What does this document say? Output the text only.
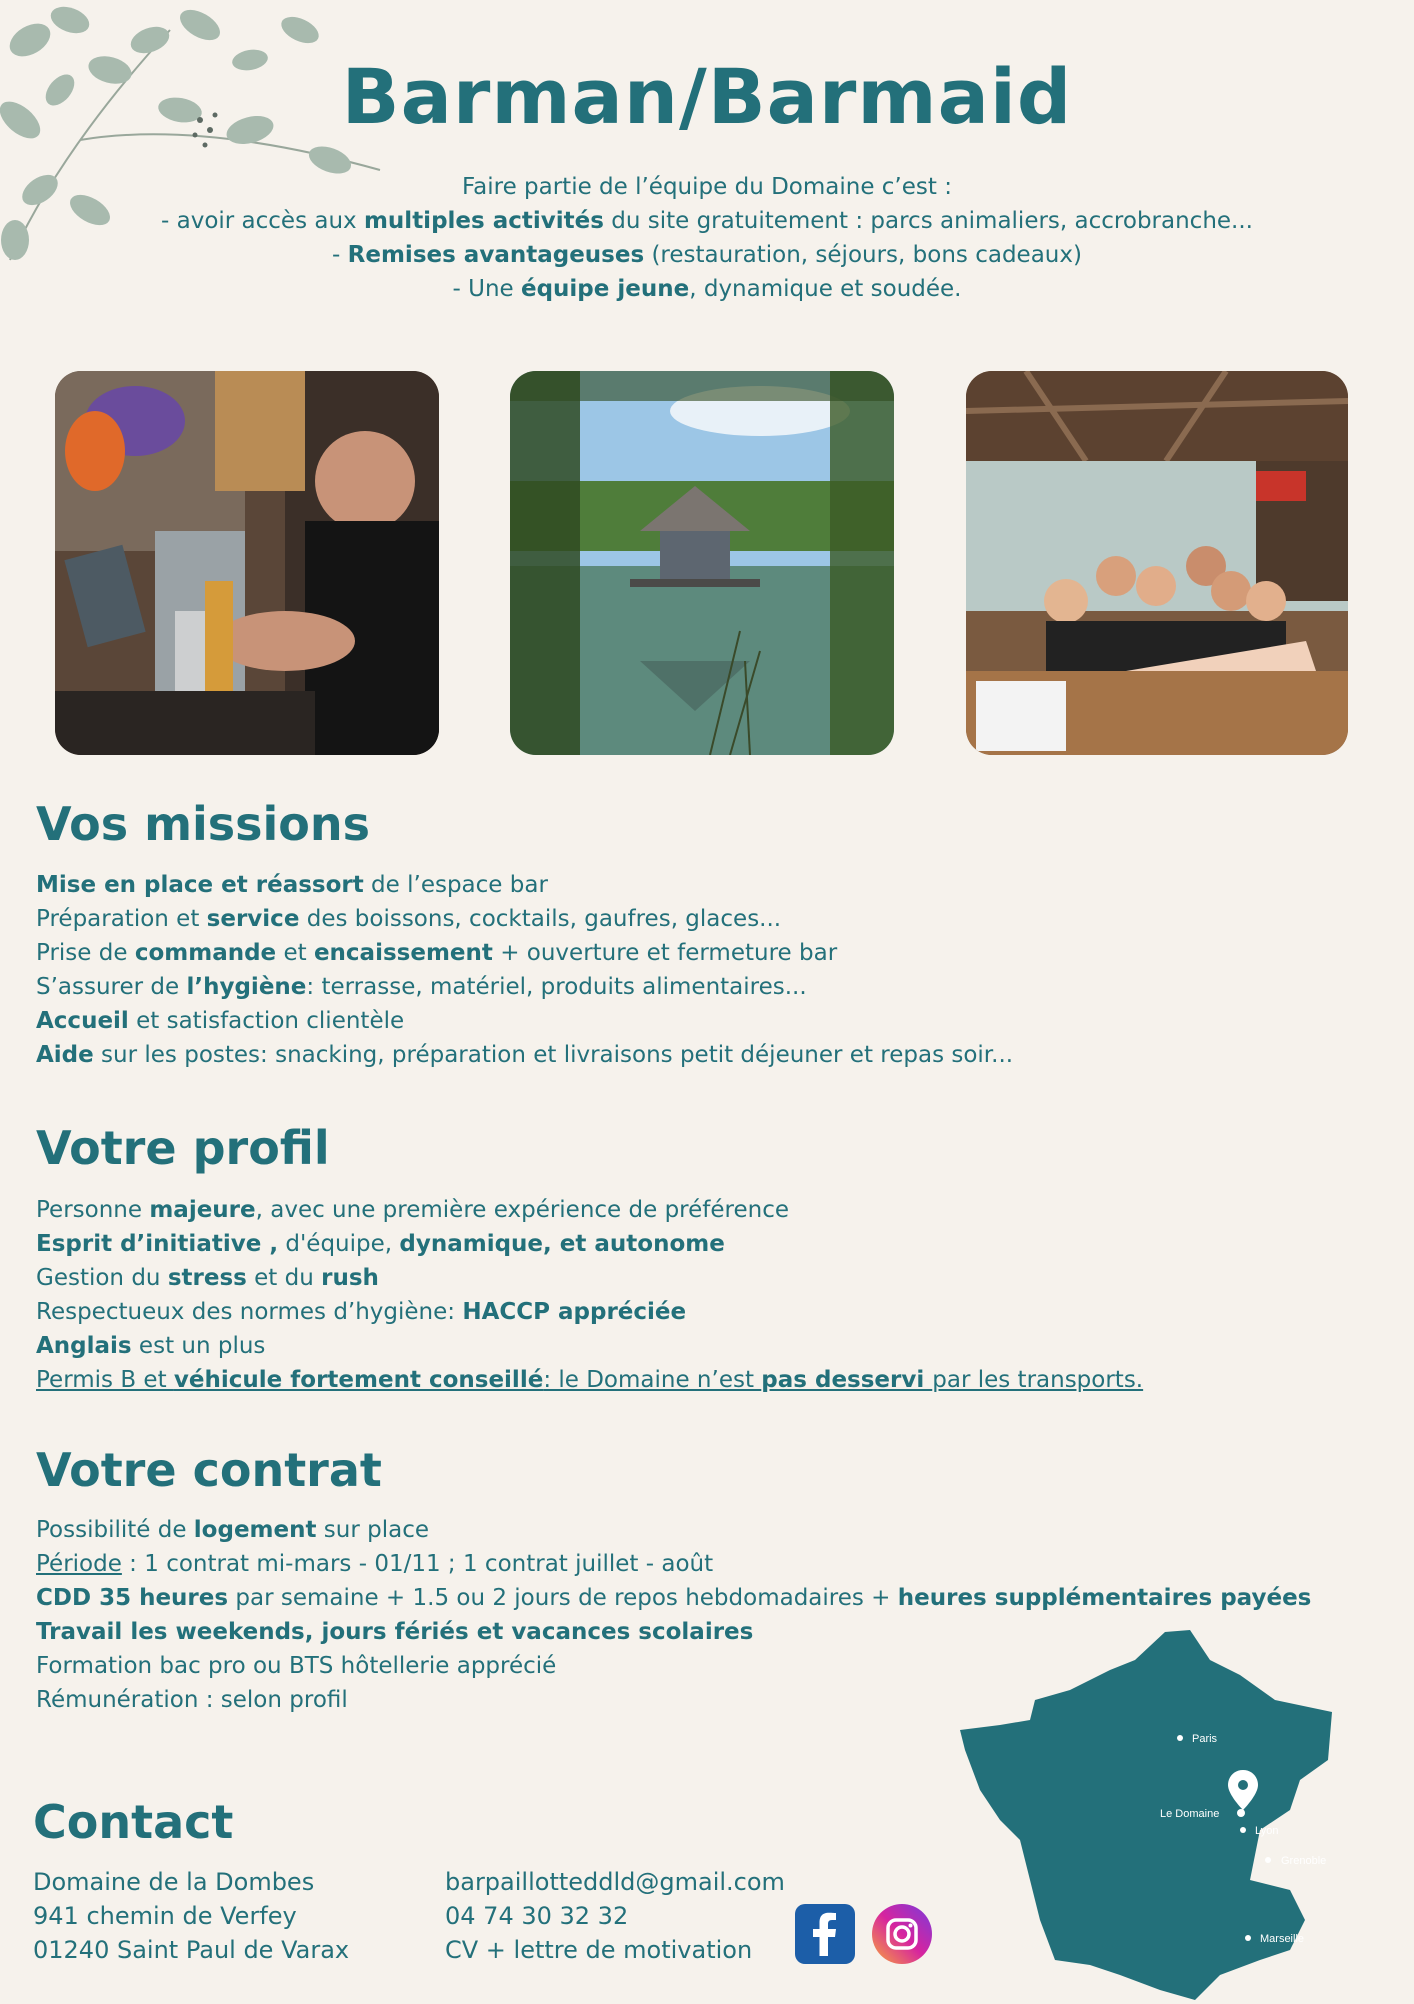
Barman/Barmaid
Faire partie de l’équipe du Domaine c’est :
- avoir accès aux multiples activités du site gratuitement : parcs animaliers, accrobranche...
- Remises avantageuses (restauration, séjours, bons cadeaux)
- Une équipe jeune, dynamique et soudée.
Vos missions
Mise en place et réassort de l’espace bar
Préparation et service des boissons, cocktails, gaufres, glaces...
Prise de commande et encaissement + ouverture et fermeture bar
S’assurer de l’hygiène: terrasse, matériel, produits alimentaires...
Accueil et satisfaction clientèle
Aide sur les postes: snacking, préparation et livraisons petit déjeuner et repas soir...
Votre profil
Personne majeure, avec une première expérience de préférence
Esprit d’initiative , d'équipe, dynamique, et autonome
Gestion du stress et du rush
Respectueux des normes d’hygiène: HACCP appréciée
Anglais est un plus
Permis B et véhicule fortement conseillé: le Domaine n’est pas desservi par les transports.
Votre contrat
Possibilité de logement sur place
Période : 1 contrat mi-mars - 01/11 ; 1 contrat juillet - août
CDD 35 heures par semaine + 1.5 ou 2 jours de repos hebdomadaires + heures supplémentaires payées
Travail les weekends, jours fériés et vacances scolaires
Formation bac pro ou BTS hôtellerie apprécié
Rémunération : selon profil
Contact
Domaine de la Dombes
941 chemin de Verfey
01240 Saint Paul de Varax
barpaillotteddld@gmail.com
04 74 30 32 32
CV + lettre de motivation
Paris
Le Domaine
Lyon
Grenoble
Marseille
